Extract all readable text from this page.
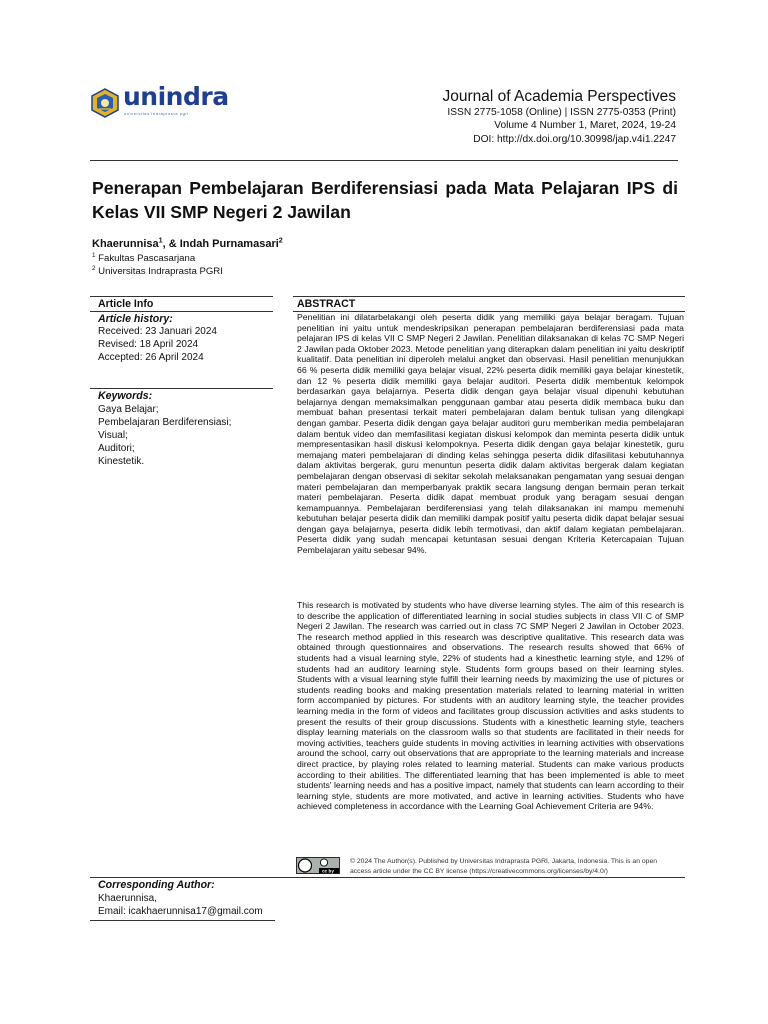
unindra
universitas indraprasta pgri
Journal of Academia Perspectives
ISSN 2775-1058 (Online) | ISSN 2775-0353 (Print)
Volume 4 Number 1, Maret, 2024, 19-24
DOI: http://dx.doi.org/10.30998/jap.v4i1.2247
Penerapan Pembelajaran Berdiferensiasi pada Mata Pelajaran IPS di Kelas VII SMP Negeri 2 Jawilan
Khaerunnisa$^1$, & Indah Purnamasari$^2$
$^1$ Fakultas Pascasarjana
$^2$ Universitas Indraprasta PGRI
Article Info
Article history:
Received: 23 Januari 2024
Revised: 18 April 2024
Accepted: 26 April 2024
Keywords:
Gaya Belajar;
Pembelajaran Berdiferensiasi;
Visual;
Auditori;
Kinestetik.
ABSTRACT

Penelitian ini dilatarbelakangi oleh peserta didik yang memiliki gaya belajar beragam. Tujuan penelitian ini yaitu untuk mendeskripsikan penerapan pembelajaran berdiferensiasi pada mata pelajaran IPS di kelas VII C SMP Negeri 2 Jawilan. Penelitian dilaksanakan di kelas 7C SMP Negeri 2 Jawilan pada Oktober 2023. Metode penelitian yang diterapkan dalam penelitian ini yaitu deskriptif kualitatif. Data penelitian ini diperoleh melalui angket dan observasi. Hasil penelitian menunjukkan 66 % peserta didik memiliki gaya belajar visual, 22% peserta didik memiliki gaya belajar kinestetik, dan 12 % peserta didik memiliki gaya belajar auditori. Peserta didik membentuk kelompok berdasarkan gaya belajarnya. Peserta didik dengan gaya belajar visual dipenuhi kebutuhan belajarnya dengan memaksimalkan penggunaan gambar atau peserta didik membaca buku dan membuat bahan presentasi terkait materi pembelajaran dalam bentuk tulisan yang dilengkapi dengan gambar. Peserta didik dengan gaya belajar auditori guru memberikan media pembelajaran dalam bentuk video dan memfasilitasi kegiatan diskusi kelompok dan meminta peserta didik untuk mempresentasikan hasil diskusi kelompoknya. Peserta didik dengan gaya belajar kinestetik, guru memajang materi pembelajaran di dinding kelas sehingga peserta didik difasilitasi kebutuhannya dalam aktivitas bergerak, guru menuntun peserta didik dalam aktivitas bergerak dalam kegiatan pembelajaran dengan observasi di sekitar sekolah melaksanakan pengamatan yang sesuai dengan materi pembelajaran dan memperbanyak praktik secara langsung dengan bermain peran terkait materi pembelajaran. Peserta didik dapat membuat produk yang beragam sesuai dengan kemampuannya. Pembelajaran berdiferensiasi yang telah dilaksanakan ini mampu memenuhi kebutuhan belajar peserta didik dan memiliki dampak positif yaitu peserta didik dapat belajar sesuai dengan gaya belajarnya, peserta didik lebih termotivasi, dan aktif dalam kegiatan pembelajaran. Peserta didik yang sudah mencapai ketuntasan sesuai dengan Kriteria Ketercapaian Tujuan Pembelajaran yaitu sebesar 94%.

This research is motivated by students who have diverse learning styles. The aim of this research is to describe the application of differentiated learning in social studies subjects in class VII C of SMP Negeri 2 Jawilan. The research was carried out in class 7C SMP Negeri 2 Jawilan in October 2023. The research method applied in this research was descriptive qualitative. This research data was obtained through questionnaires and observations. The research results showed that 66% of students had a visual learning style, 22% of students had a kinesthetic learning style, and 12% of students had an auditory learning style. Students form groups based on their learning styles. Students with a visual learning style fulfill their learning needs by maximizing the use of pictures or students reading books and making presentation materials related to learning material in written form accompanied by pictures. For students with an auditory learning style, the teacher provides learning media in the form of videos and facilitates group discussion activities and asks students to present the results of their group discussions. Students with a kinesthetic learning style, teachers display learning materials on the classroom walls so that students are facilitated in their needs for moving activities, teachers guide students in moving activities in learning activities with observations around the school, carry out observations that are appropriate to the learning materials and increase direct practice, by playing roles related to learning material. Students can make various products according to their abilities. The differentiated learning that has been implemented is able to meet students' learning needs and has a positive impact, namely that students can learn according to their learning style, students are more motivated, and active in learning activities. Students who have achieved completeness in accordance with the Learning Goal Achievement Criteria are 94%.

cc by
© 2024 The Author(s). Published by Universitas Indraprasta PGRI, Jakarta, Indonesia. This is an open access article under the CC BY license (https://creativecommons.org/licenses/by/4.0/)
Corresponding Author:
Khaerunnisa,
Email: icakhaerunnisa17@gmail.com
